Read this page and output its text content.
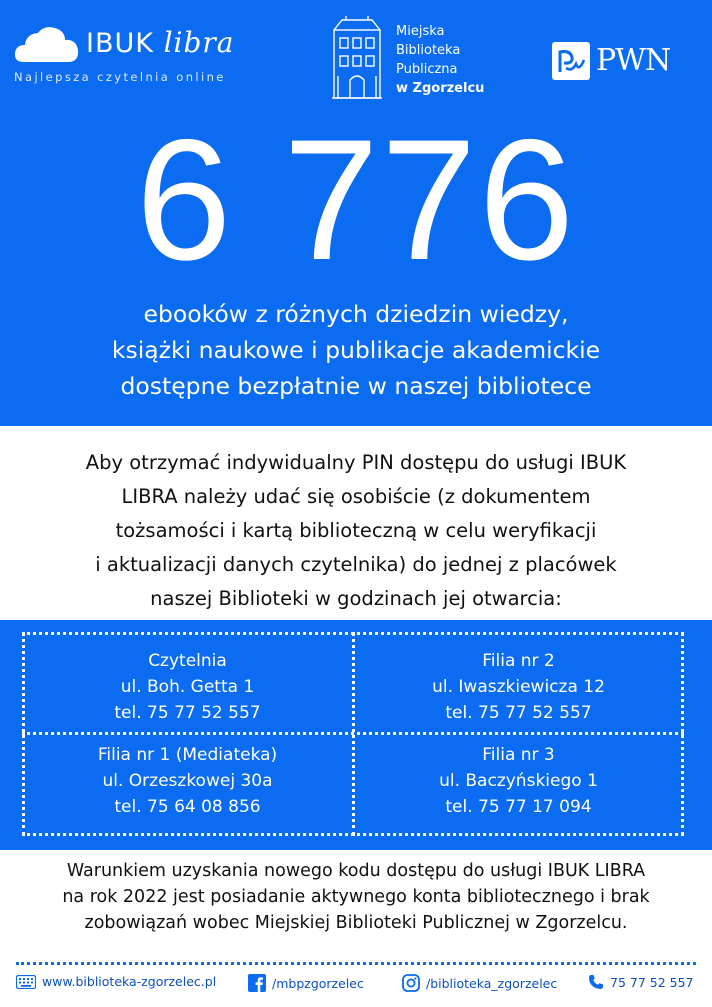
IBUK libra
Najlepsza czytelnia online
Miejska
Biblioteka
Publiczna
w Zgorzelcu
PWN
6 776
ebooków z różnych dziedzin wiedzy,
książki naukowe i publikacje akademickie
dostępne bezpłatnie w naszej bibliotece
Aby otrzymać indywidualny PIN dostępu do usługi IBUK
LIBRA należy udać się osobiście (z dokumentem
tożsamości i kartą biblioteczną w celu weryfikacji
i aktualizacji danych czytelnika) do jednej z placówek
naszej Biblioteki w godzinach jej otwarcia:
Czytelnia
ul. Boh. Getta 1
tel. 75 77 52 557
Filia nr 2
ul. Iwaszkiewicza 12
tel. 75 77 52 557
Filia nr 1 (Mediateka)
ul. Orzeszkowej 30a
tel. 75 64 08 856
Filia nr 3
ul. Baczyńskiego 1
tel. 75 77 17 094
Warunkiem uzyskania nowego kodu dostępu do usługi IBUK LIBRA
na rok 2022 jest posiadanie aktywnego konta bibliotecznego i brak
zobowiązań wobec Miejskiej Biblioteki Publicznej w Zgorzelcu.
www.biblioteka-zgorzelec.pl	/mbpzgorzelec	/biblioteka_zgorzelec	75 77 52 557
